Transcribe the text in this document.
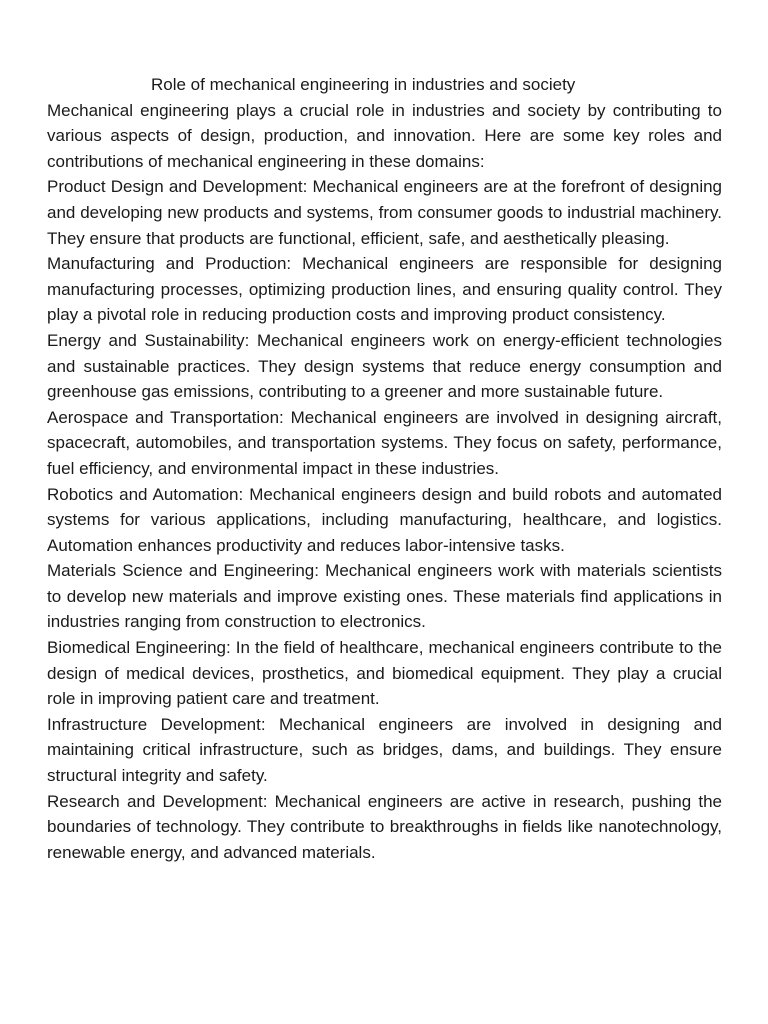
Role of mechanical engineering in industries and society

Mechanical engineering plays a crucial role in industries and society by contributing to various aspects of design, production, and innovation. Here are some key roles and contributions of mechanical engineering in these domains:

Product Design and Development: Mechanical engineers are at the forefront of designing and developing new products and systems, from consumer goods to industrial machinery. They ensure that products are functional, efficient, safe, and aesthetically pleasing.

Manufacturing and Production: Mechanical engineers are responsible for designing manufacturing processes, optimizing production lines, and ensuring quality control. They play a pivotal role in reducing production costs and improving product consistency.

Energy and Sustainability: Mechanical engineers work on energy-efficient technologies and sustainable practices. They design systems that reduce energy consumption and greenhouse gas emissions, contributing to a greener and more sustainable future.

Aerospace and Transportation: Mechanical engineers are involved in designing aircraft, spacecraft, automobiles, and transportation systems. They focus on safety, performance, fuel efficiency, and environmental impact in these industries.

Robotics and Automation: Mechanical engineers design and build robots and automated systems for various applications, including manufacturing, healthcare, and logistics. Automation enhances productivity and reduces labor-intensive tasks.

Materials Science and Engineering: Mechanical engineers work with materials scientists to develop new materials and improve existing ones. These materials find applications in industries ranging from construction to electronics.

Biomedical Engineering: In the field of healthcare, mechanical engineers contribute to the design of medical devices, prosthetics, and biomedical equipment. They play a crucial role in improving patient care and treatment.

Infrastructure Development: Mechanical engineers are involved in designing and maintaining critical infrastructure, such as bridges, dams, and buildings. They ensure structural integrity and safety.

Research and Development: Mechanical engineers are active in research, pushing the boundaries of technology. They contribute to breakthroughs in fields like nanotechnology, renewable energy, and advanced materials.
